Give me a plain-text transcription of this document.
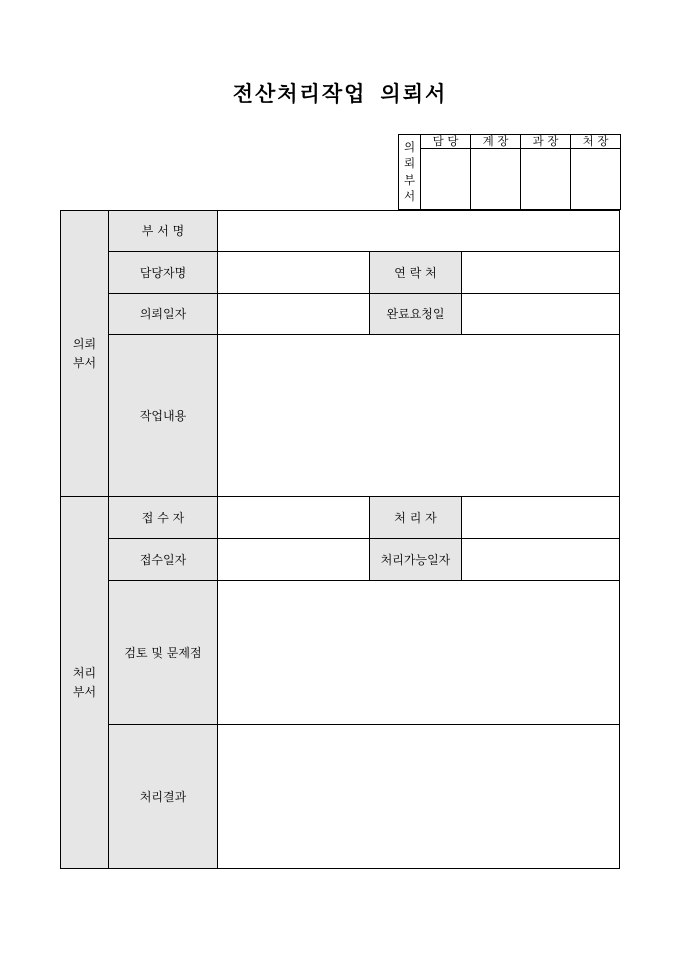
전산처리작업 의뢰서
의
뢰
부
서	담 당	계 장	과 장	처 장

의뢰
부서	부 서 명			
	담당자명		연 락 처	
	의뢰일자		완료요청일	
	작업내용			
처리
부서	접 수 자		처 리 자	
	접수일자		처리가능일자	
	검토 및 문제점			
	처리결과			
